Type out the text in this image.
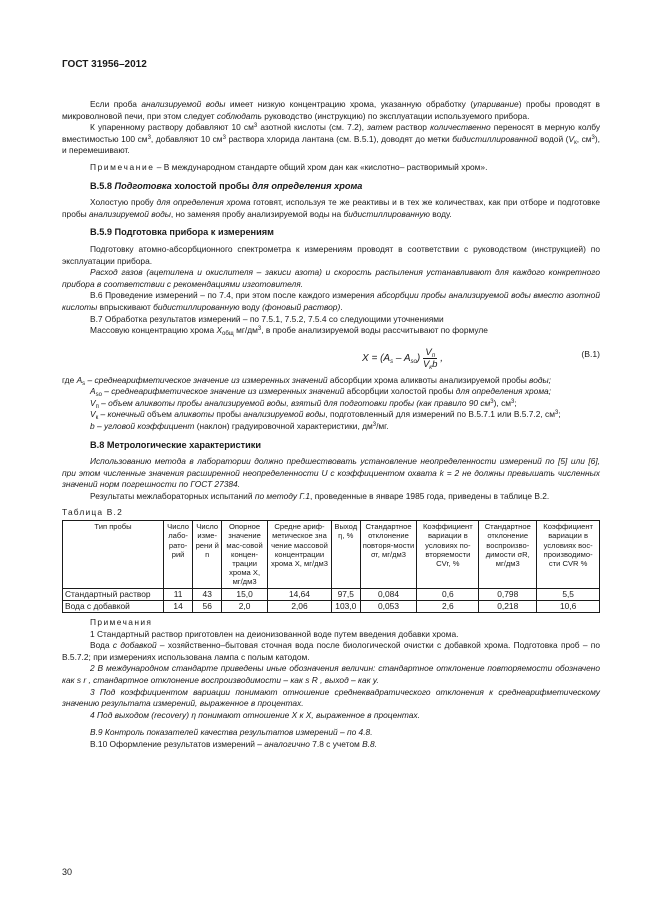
ГОСТ 31956–2012

Если проба анализируемой воды имеет низкую концентрацию хрома, указанную обработку (упаривание) пробы проводят в микроволновой печи, при этом следует соблюдать руководство (инструкцию) по эксплуатации используемого прибора.

К упаренному раствору добавляют 10 $см^3$ азотной кислоты (см. 7.2), затем раствор количественно переносят в мерную колбу вместимостью 100 $см^3$, добавляют 10 $см^3$ раствора хлорида лантана (см. В.5.1), доводят до метки бидистиллированной водой ($V_к$, $см^3$), и перемешивают.

Примечание – В международном стандарте общий хром дан как «кислотно– растворимый хром».

В.5.8 Подготовка холостой пробы для определения хрома

Холостую пробу для определения хрома готовят, используя те же реактивы и в тех же количествах, как при отборе и подготовке пробы анализируемой воды, но заменяя пробу анализируемой воды на бидистиллированную воду.

В.5.9 Подготовка прибора к измерениям

Подготовку атомно-абсорбционного спектрометра к измерениям проводят в соответствии с руководством (инструкцией) по эксплуатации прибора.

Расход газов (ацетилена и окислителя – закиси азота) и скорость распыления устанавливают для каждого конкретного прибора в соответствии с рекомендациями изготовителя.

В.6 Проведение измерений – по 7.4, при этом после каждого измерения абсорбции пробы анализируемой воды вместо азотной кислоты впрыскивают бидистиллированную воду (фоновый раствор).

В.7 Обработка результатов измерений – по 7.5.1, 7.5.2, 7.5.4 со следующими уточнениями

Массовую концентрацию хрома $X_{общ}$ $мг/дм^3$, в пробе анализируемой воды рассчитывают по формуле

$X = (A_s - A_{so}) \frac{V_п}{V_кb}$ ,	(В.1)

где $A_s$ – среднеарифметическое значение из измеренных значений абсорбции хрома аликвоты анализируемой пробы воды;

$A_{so}$ – среднеарифметическое значение из измеренных значений абсорбции холостой пробы для определения хрома;

$V_п$ – объем аликвоты пробы анализируемой воды, взятый для подготовки пробы (как правило 90 $см^3$), $см^3$;

$V_к$ – конечный объем аликвоты пробы анализируемой воды, подготовленный для измерений по В.5.7.1 или В.5.7.2, $см^3$;

b – угловой коэффициент (наклон) градуировочной характеристики, $дм^3/мг$.

В.8 Метрологические характеристики

Использованию метода в лаборатории должно предшествовать установление неопределенности измерений по [5] или [6], при этом численные значения расширенной неопределенности U с коэффициентом охвата k = 2 не должны превышать численных значений норм погрешности по ГОСТ 27384.

Результаты межлабораторных испытаний по методу Г.1, проведенные в январе 1985 года, приведены в таблице В.2.

Таблица В.2
Тип пробы	Число лабо-рато-рий	Число изме-рени й n	Опорное значение мас-совой концен-трации хрома X, мг/дм3	Средне ариф-метическое зна чение массовой концентрации хрома X, мг/дм3	Выход η, %	Стандартное отклонение повторя-мости σr, мг/дм3	Коэффициент вариации в условиях по-вторяемости CVr, %	Стандартное отклонение воспроизво-димости σR, мг/дм3	Коэффициент вариации в условиях вос-производимо-сти CVR %
Стандартный раствор	11	43	15,0	14,64	97,5	0,084	0,6	0,798	5,5
Вода с добавкой	14	56	2,0	2,06	103,0	0,053	2,6	0,218	10,6

Примечания

1 Стандартный раствор приготовлен на деионизованной воде путем введения добавки хрома.

Вода с добавкой – хозяйственно–бытовая сточная вода после биологической очистки с добавкой хрома. Подготовка проб – по В.5.7.2; при измерениях использована лампа с полым катодом.

2 В международном стандарте приведены иные обозначения величин: стандартное отклонение повторяемости обозначено как s r , стандартное отклонение воспроизводимости – как s R , выход – как y.

3 Под коэффициентом вариации понимают отношение среднеквадратического отклонения к среднеарифметическому значению результата измерений, выраженное в процентах.

4 Под выходом (recovery) η понимают отношение X к X, выраженное в процентах.

В.9 Контроль показателей качества результатов измерений – по 4.8.

В.10 Оформление результатов измерений – аналогично 7.8 с учетом В.8.

30
